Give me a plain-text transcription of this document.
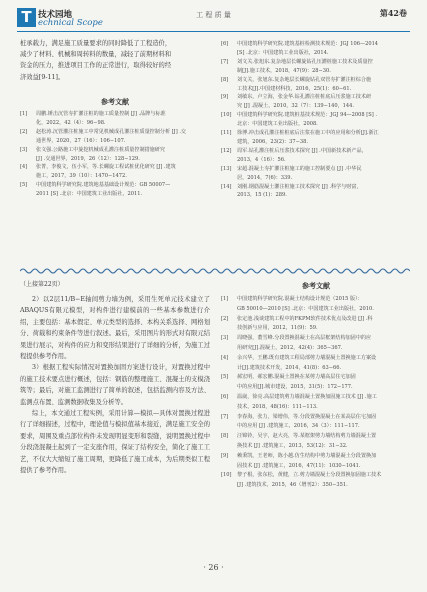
T 技术园地
echnical Scope
工 程 质 量	第42卷

桩承载力，满足施工质量要求的同时降低了工程造价，

减少了材料、机械和周转料的数量，减轻了前期材料和

资金的压力，推进项目工作的正常进行，取得较好的经

济效益[9-11]。

参考文献
[1]	周鹏.锤击沉管夯扩灌注桩的施工质量控制 [J] .品牌与标准
化，2022，42（4）：96−98.
[2]	赵松涛.沉管灌注桩施工中常见机械成孔灌注桩质量控制分析 [J] .交
通世界，2020，27（16）：106−107.
[3]	张文强.公路施工中旋挖机械成孔灌注桩质量控制措施研究
[J] .交通世界，2019，26（12）：128−129.
[4]	张菁，李俊文，伍小军，等.长螺旋工程试桩优化研究 [J] .建筑
施工，2017，39（10）：1470−1472.
[5]	中国建筑科学研究院.建筑地基基础设计规范：GB 50007—
2011 [S] .北京：中国建筑工业出版社，2011.
[6]	中国建筑科学研究院.建筑基桩检测技术规范：JGJ 106—2014
[S] .北京：中国建筑工业出版社，2014.
[7]	刘文关.张旭东.复杂地层长螺旋钻孔压灌桩施工技术及质量控
制[J].施工技术，2018，47(9)：28−30.
[8]	刘文关，张旭东.复杂地层长螺旋钻孔双管夯扩灌注桩综合施
工技术[J].中国建材科技，2016，25(1)：60−61.
[9]	刘敏东，卢立海，张金华.钻孔灌注桩桩底后压浆施工技术研
究 [J] .混凝土，2010，32（7）：139−140，144.
[10]	中国建筑科学研究院.建筑桩基技术规范：JGJ 94—2008 [S] .
北京：中国建筑工业出版社，2008.
[11]	徐博.冲击成孔灌注桩桩底后注浆在施工中的应用和分析[J].浙江
建筑，2006，23(2)：37−38.
[12]	周军.钻孔灌注桩后压浆技术探究 [J] .中国新技术新产品，
2013，4（16）：56.
[13]	宋超.混凝土夯扩灌注桩施工的施工控制要点 [J] .中华民
居，2014，7(6)：339.
[14]	刘刚.钢筋混凝土灌注桩施工技术探究 [J] .科学与财富，
2013，15 (1)：289.
（上接第22页）

2）以2层11/B−E轴间剪力墙为例，采用生死单元技术建立了ABAQUS有限元模型，对构件进行建模前的一些基本参数进行介绍，主要包括：基本假定、单元类型的选择、本构关系选择、网格划分、荷载和约束条件等进行叙述。最后，采用图片的形式对有限元结果进行展示，对构件的应力和变形结果进行了详细的分析，为施工过程提供参考作用。

3）根据工程实际情况对置换加固方案进行设计，对置换过程中的施工技术要点进行概述，包括：钢筋的整理施工、混凝土的支模浇筑等；最后，对施工监测进行了简单的叙述，包括监测内容及方法、监测点布置、监测数据收集及分析等。

综上，本文通过工程实例，采用计算—模拟—具体对置换过程进行了详细描述，过程中，理论值与模拟值基本接近，满足施工安全的要求，周围及重点部位构件未发现明显变形和裂缝，说明置换过程中分段浇混凝土起到了一定支座作用，保证了结构安全，简化了施工工艺，不仅大大缩短了施工周期，更降低了施工成本，为后期类似工程提供了参考作用。

参考文献
[1]	中国建筑科学研究院.混凝土结构设计规范（2015 版）：
GB 50010—2010 [S] .北京：中国建筑工业出版社，2010.
[2]	张定池.浅谈建筑工程中的FKPM软件技术优点及改进 [J] .科
技创新与应用，2012，11(9)：59.
[3]	周晓强，董雪峰.分段置换混凝土在高层框架结构加固中的应
用研究[J].混凝土，2012，42(4)：365−367.
[4]	余兴华，王鹏.既有建筑工程局部剪力墙混凝土置换施工方案设
计[J].建筑技术开发，2014，41(8)：63−66.
[5]	郝宏明，郝宏鹏.混凝土置换在某剪力墙高层住宅加固
中的应用[J].城市建设，2015，31(5)：172−177.
[6]	温崴，徐亮.高层建筑剪力墙混凝土置换加固施工技术 [J] .施工
技术，2018，48(16)：111−113.
[7]	李春海，张力，梁增伟，等.分段置换混凝土在某高层住宅加固
中的应用 [J] .建筑施工，2016，34（3）：111−117.
[8]	汪锦铃，吴宇，赵大亮，等.某框架剪力墙结构剪力墙混凝土置
换技术 [J] .建筑施工，2013，53(12)：31−32.
[9]	赖秉凯，王老师，陈小越.仿生结构中剪力墙混凝土分段置换加
固技术 [J] .建筑施工，2016，47(11)：1030−1041.
[10]	黎子根，张东松，黄健，立.剪力墙混凝土分段置换加固施工技术
[J] .建筑技术，2015，46（增刊2）：350−351.
· 26 ·
